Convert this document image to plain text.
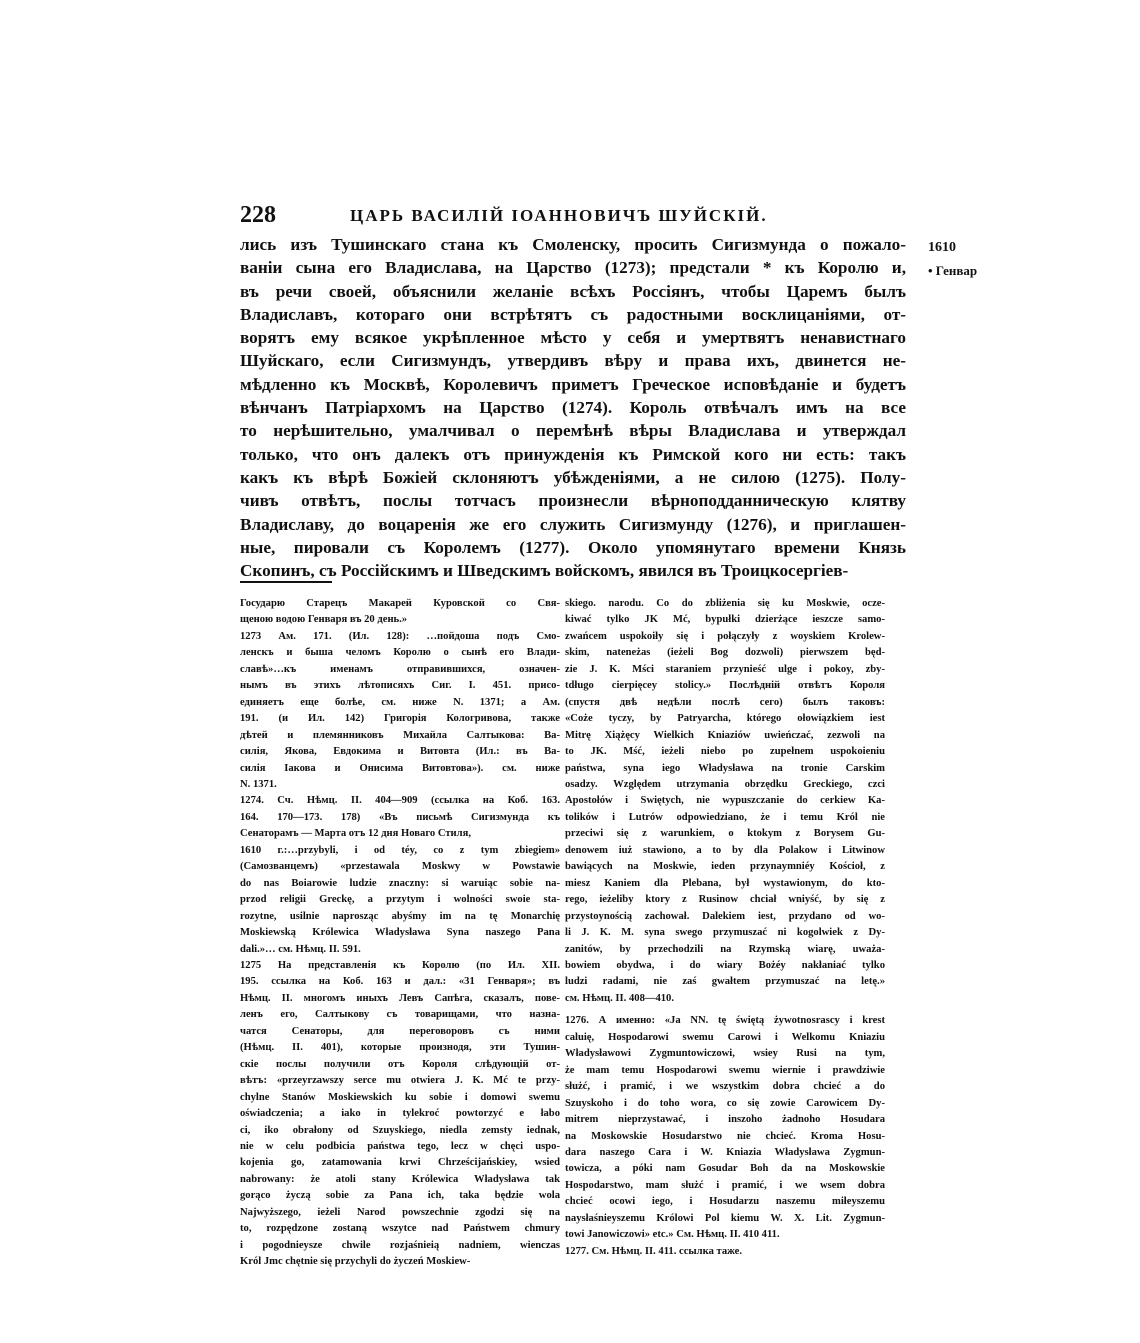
228	ЦАРЬ ВАСИЛІЙ ІОАННОВИЧЪ ШУЙСКІЙ.
1610
• Генвар
лись изъ Тушинскаго стана къ Смоленску, просить Сигизмунда о пожало-
ваніи сына его Владислава, на Царство (1273); предстали * къ Королю и,
въ речи своей, объяснили желаніе всѣхъ Россіянъ, чтобы Царемъ былъ
Владиславъ, котораго они встрѣтятъ съ радостными восклицаніями, от-
ворятъ ему всякое укрѣпленное мѣсто у себя и умертвятъ ненавистнаго
Шуйскаго, если Сигизмундъ, утвердивъ вѣру и права ихъ, двинется не-
мѣдленно къ Москвѣ, Королевичъ приметъ Греческое исповѣданіе и будетъ
вѣнчанъ Патріархомъ на Царство (1274). Король отвѣчалъ имъ на все
то нерѣшительно, умалчивал о перемѣнѣ вѣры Владислава и утверждал
только, что онъ далекъ отъ принужденія къ Римской кого ни есть: такъ
какъ къ вѣрѣ Божіей склоняютъ убѣжденіями, а не силою (1275). Полу-
чивъ отвѣтъ, послы тотчасъ произнесли вѣрноподданническую клятву
Владиславу, до воцаренія же его служить Сигизмунду (1276), и приглашен-
ные, пировали съ Королемъ (1277). Около упомянутаго времени Князь
Скопинъ, съ Россійскимъ и Шведскимъ войскомъ, явился въ Троицкосергіев-
Государю Старецъ Макарей Куровской со Свя-
щеною водою Генваря въ 20 день.»
1273 Ам. 171. (Ил. 128): …пойдоша подъ Смо-
ленскъ и быша челомъ Королю о сынѣ его Влади-
славѣ»…къ именамъ отправившихся, означен-
нымъ въ этихъ лѣтописяхъ Сиг. I. 451. присо-
единяетъ еще болѣе, см. ниже N. 1371; а Ам.
191. (и Ил. 142) Григорія Кологривова, также
дѣтей и племянниковъ Михайла Салтыкова: Ва-
силія, Якова, Евдокима и Витовта (Ил.: въ Ва-
силія Іакова и Онисима Витовтова»). см. ниже
N. 1371.
1274. Сч. Нѣмц. II. 404—909 (ссылка на Коб. 163.
164. 170—173. 178) «Въ письмѣ Сигизмунда къ
Сенаторамъ — Марта отъ 12 дня Новаго Стиля,
1610 г.:…przybyli, i od téy, co z tym zbiegiem»
(Самозванцемъ) «przestawala Moskwy w Powstawie
do nas Boiarowie ludzie znaczny: si waruiąc sobie na-
przod religii Greckę, a przytym i wolności swoie sta-
rozytne, usilnie naprosząc abyśmy im na tę Monarchię
Moskiewską Królewica Władysława Syna naszego Pana
dali.»… см. Нѣмц. II. 591.
1275 На представленія къ Королю (по Ил. XII.
195. ссылка на Коб. 163 и дал.: «31 Генваря»; въ
Нѣмц. II. многомъ иныхъ Левъ Сапѣга, сказалъ, пове-
ленъ его, Салтыкову съ товарищами, что назна-
чатся Сенаторы, для переговоровъ съ ними
(Нѣмц. II. 401), которые произнодя, эти Тушин-
скіе послы получили отъ Короля слѣдующій от-
вѣтъ: «przeyrzawszy serce mu otwiera J. K. Mć te przy-
chylne Stanów Moskiewskich ku sobie i domowi swemu
oświadczenia; a iako in tylekroć powtorzyć e łabo
ci, iko obrałony od Szuyskiego, niedla zemsty iednak,
nie w celu podbicia państwa tego, lecz w chęci uspo-
kojenia go, zatamowania krwi Chrześcijańskiey, wsied
nabrowany: że atoli stany Królewica Władysława tak
gorąco życzą sobie za Pana ich, taka będzie wola
Najwyższego, ieżeli Narod powszechnie zgodzi się na
to, rozpędzone zostaną wszytce nad Państwem chmury
i pogodnieysze chwile rozjaśnieią nadniem, wienczas
Król Jmc chętnie się przychyli do życzeń Moskiew-
skiego. narodu. Co do zbliżenia się ku Moskwie, ocze-
kiwać tylko JK Mć, bypułki dzierżące ieszcze samo-
zwańcem uspokoiły się i połączyły z woyskiem Krolew-
skim, nateneżas (ieżeli Bog dozwoli) pierwszem będ-
zie J. K. Mści staraniem przynieść ulge i pokoy, zby-
tdługo cierpięcey stolicy.» Послѣдній отвѣтъ Короля
(спустя двѣ недѣли послѣ сего) былъ таковъ:
«Coże tyczy, by Patryarcha, którego ołowiązkiem iest
Mitrę Xiążęcy Wielkich Kniaziów uwieńczać, zezwoli na
to JK. Mść, ieżeli niebo po zupełnem uspokoieniu
państwa, syna iego Władysława na tronie Carskim
osadzy. Względem utrzymania obrzędku Greckiego, czci
Apostołów i Swiętych, nie wypuszczanie do cerkiew Ka-
tolików i Lutrów odpowiedziano, że i temu Król nie
przeciwi się z warunkiem, o ktokym z Borysem Gu-
denowem iuż stawiono, a to by dla Polakow i Litwinow
bawiących na Moskwie, ieden przynaymniéy Kościoł, z
miesz Kaniem dla Plebana, był wystawionym, do kto-
rego, ieżeliby ktory z Rusinow chciał wniyść, by się z
przystoynością zachował. Dalekiem iest, przydano od wo-
li J. K. M. syna swego przymuszać ni kogolwiek z Dy-
zanitów, by przechodzili na Rzymską wiarę, uważa-
bowiem obydwa, i do wiary Bożéy nakłaniać tylko
ludzi radami, nie zaś gwałtem przymuszać na letę.»
см. Нѣмц. II. 408—410.
1276. А именно: «Ja NN. tę świętą żywotnosrascy i krest
caluię, Hospodarowi swemu Carowi i Welkomu Kniaziu
Władysławowi Zygmuntowiczowi, wsiey Rusi na tym,
że mam temu Hospodarowi swemu wiernie i prawdziwie
służć, i pramić, i we wszystkim dobra chcieć a do
Szuyskoho i do toho wora, co się zowie Carowicem Dy-
mitrem nieprzystawać, i inszoho żadnoho Hosudara
na Moskowskie Hosudarstwo nie chcieć. Kroma Hosu-
dara naszego Cara i W. Kniazia Władysława Zygmun-
towicza, a póki nam Gosudar Boh da na Moskowskie
Hospodarstwo, mam służć i pramić, i we wsem dobra
chcieć ocowi iego, i Hosudarzu naszemu miłeyszemu
naysłaśnieyszemu Królowi Pol kiemu W. X. Lit. Zygmun-
towi Janowiczowi» etc.» См. Нѣмц. II. 410 411.
1277. См. Нѣмц. II. 411. ссылка таже.
